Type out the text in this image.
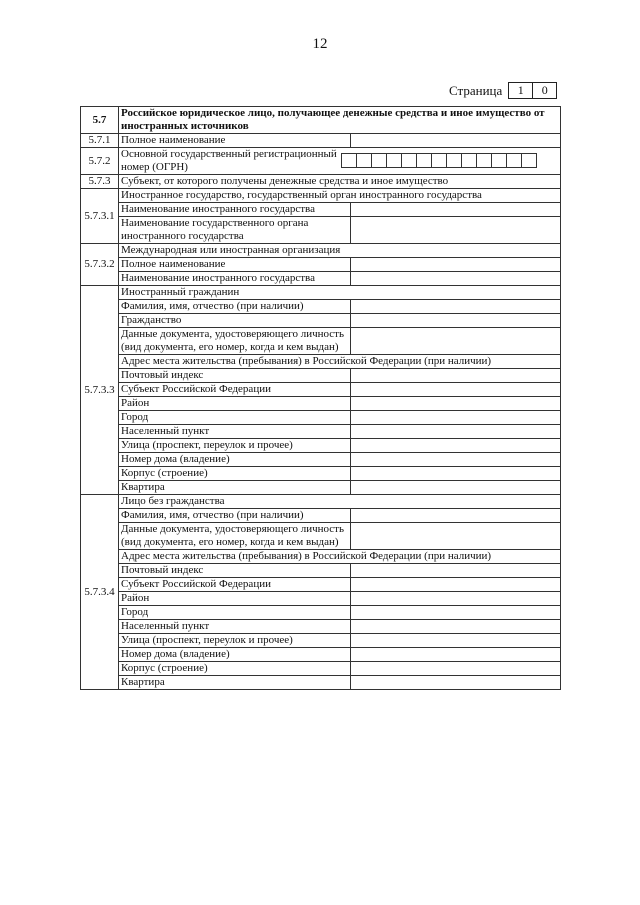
12
Страница	1	0
5.7	Российское юридическое лицо, получающее денежные средства и иное имущество от иностранных источников	
5.7.1	Полное наименование	
5.7.2	Основной государственный регистрационный номер (ОГРН)	

5.7.3	Субъект, от которого получены денежные средства и иное имущество	
5.7.3.1	Иностранное государство, государственный орган иностранного государства	
	Наименование иностранного государства	
	Наименование государственного органа иностранного государства	
5.7.3.2	Международная или иностранная организация	
	Полное наименование	
	Наименование иностранного государства	
5.7.3.3	Иностранный гражданин	
	Фамилия, имя, отчество (при наличии)	
	Гражданство	
	Данные документа, удостоверяющего личность (вид документа, его номер, когда и кем выдан)	
	Адрес места жительства (пребывания) в Российской Федерации (при наличии)	
	Почтовый индекс	
	Субъект Российской Федерации	
	Район	
	Город	
	Населенный пункт	
	Улица (проспект, переулок и прочее)	
	Номер дома (владение)	
	Корпус (строение)	
	Квартира	
5.7.3.4	Лицо без гражданства	
	Фамилия, имя, отчество (при наличии)	
	Данные документа, удостоверяющего личность (вид документа, его номер, когда и кем выдан)	
	Адрес места жительства (пребывания) в Российской Федерации (при наличии)	
	Почтовый индекс	
	Субъект Российской Федерации	
	Район	
	Город	
	Населенный пункт	
	Улица (проспект, переулок и прочее)	
	Номер дома (владение)	
	Корпус (строение)	
	Квартира	
